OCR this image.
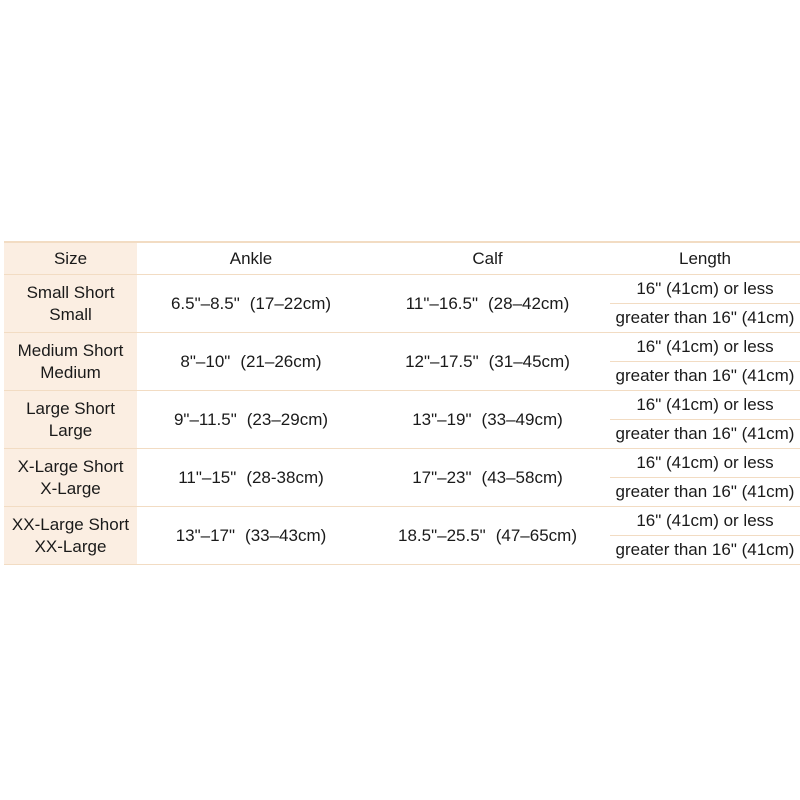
Size	Ankle	Calf	Length

Small Short
Small	6.5"–8.5" (17–22cm)	11"–16.5" (28–42cm)	16" (41cm) or less
			greater than 16" (41cm)

Medium Short
Medium	8"–10" (21–26cm)	12"–17.5" (31–45cm)	16" (41cm) or less
			greater than 16" (41cm)

Large Short
Large	9"–11.5" (23–29cm)	13"–19" (33–49cm)	16" (41cm) or less
			greater than 16" (41cm)

X-Large Short
X-Large	11"–15" (28-38cm)	17"–23" (43–58cm)	16" (41cm) or less
			greater than 16" (41cm)

XX-Large Short
XX-Large	13"–17" (33–43cm)	18.5"–25.5" (47–65cm)	16" (41cm) or less
			greater than 16" (41cm)
